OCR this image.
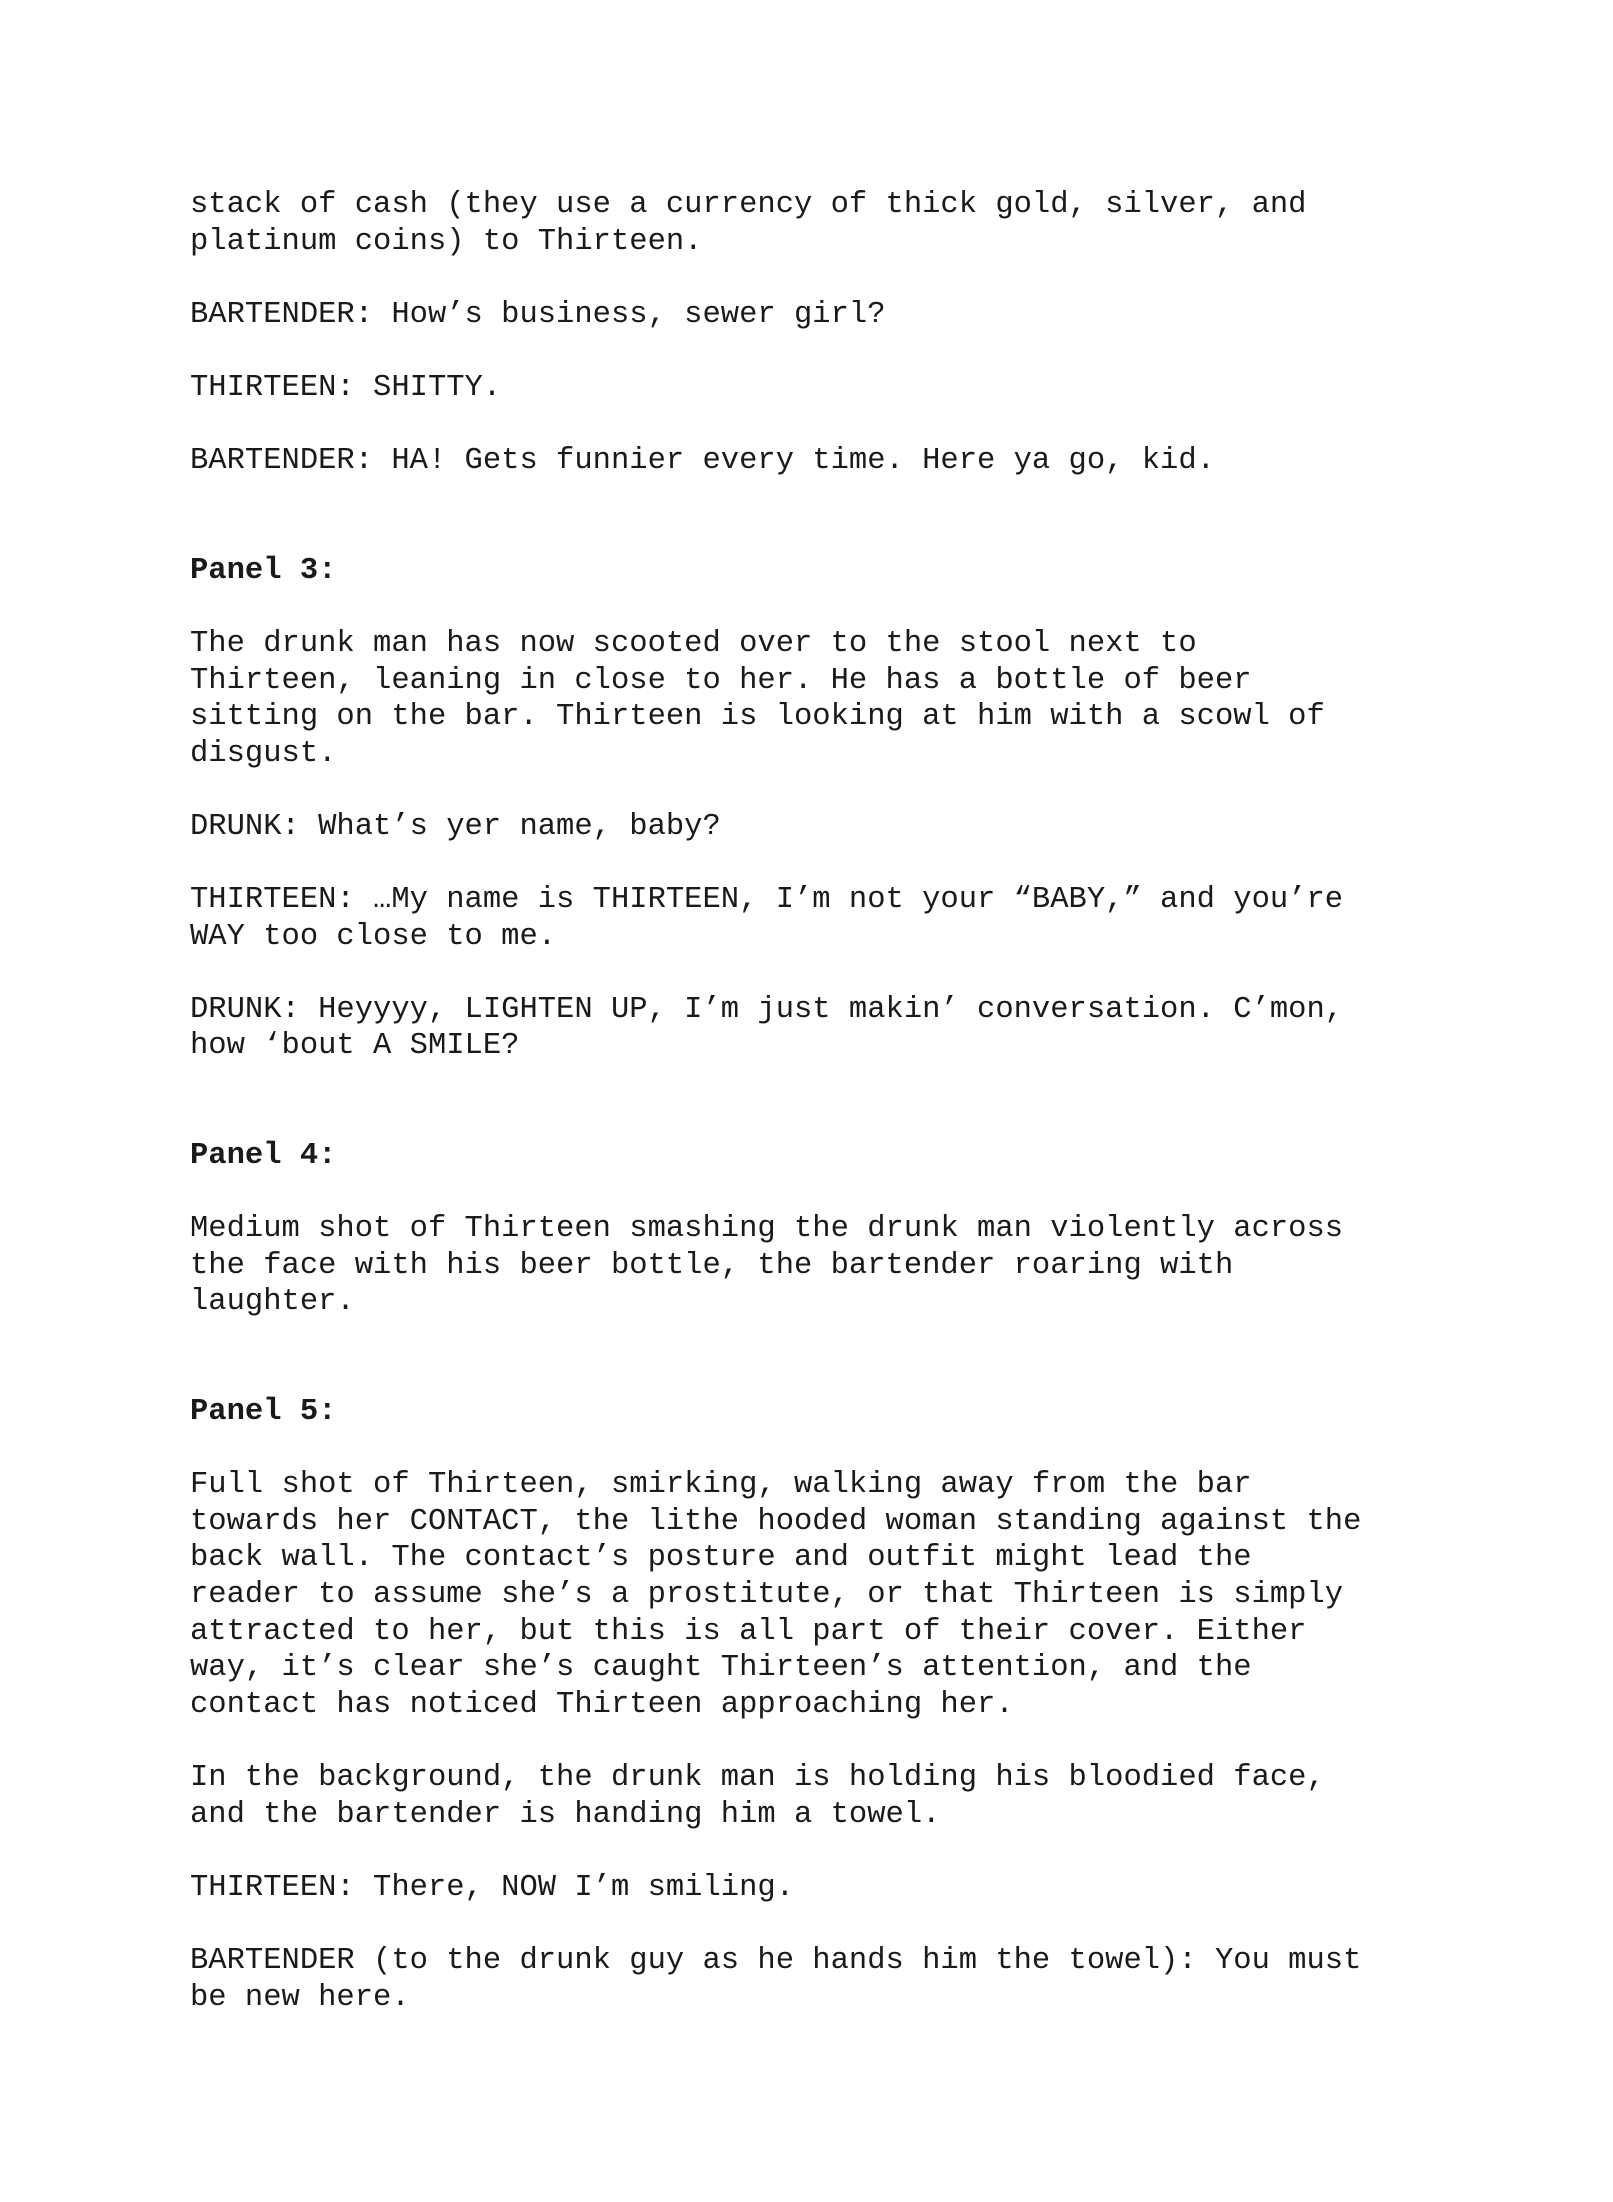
stack of cash (they use a currency of thick gold, silver, and
platinum coins) to Thirteen.

BARTENDER: How’s business, sewer girl?

THIRTEEN: SHITTY.

BARTENDER: HA! Gets funnier every time. Here ya go, kid.

Panel 3:

The drunk man has now scooted over to the stool next to
Thirteen, leaning in close to her. He has a bottle of beer
sitting on the bar. Thirteen is looking at him with a scowl of
disgust.

DRUNK: What’s yer name, baby?

THIRTEEN: …My name is THIRTEEN, I’m not your “BABY,” and you’re
WAY too close to me.

DRUNK: Heyyyy, LIGHTEN UP, I’m just makin’ conversation. C’mon,
how ‘bout A SMILE?

Panel 4:

Medium shot of Thirteen smashing the drunk man violently across
the face with his beer bottle, the bartender roaring with
laughter.

Panel 5:

Full shot of Thirteen, smirking, walking away from the bar
towards her CONTACT, the lithe hooded woman standing against the
back wall. The contact’s posture and outfit might lead the
reader to assume she’s a prostitute, or that Thirteen is simply
attracted to her, but this is all part of their cover. Either
way, it’s clear she’s caught Thirteen’s attention, and the
contact has noticed Thirteen approaching her.

In the background, the drunk man is holding his bloodied face,
and the bartender is handing him a towel.

THIRTEEN: There, NOW I’m smiling.

BARTENDER (to the drunk guy as he hands him the towel): You must
be new here.
